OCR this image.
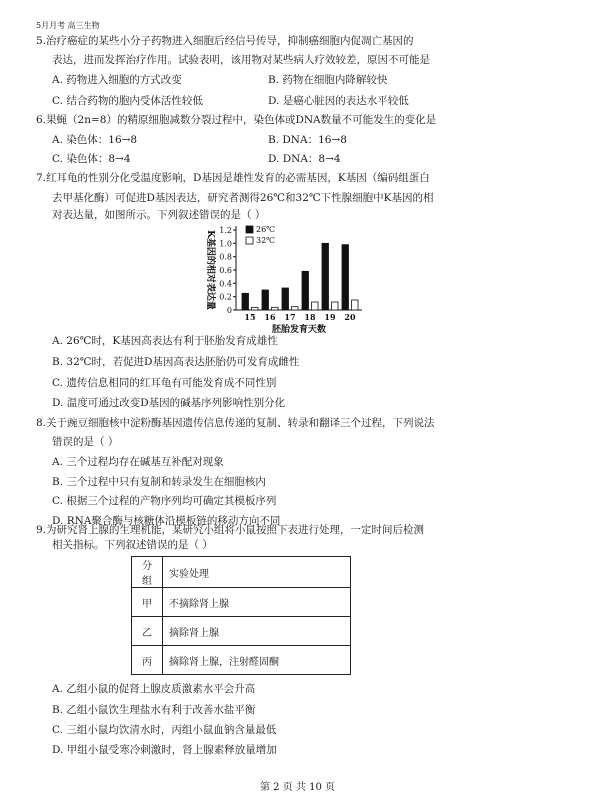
5月月考 高三生物
5.治疗癌症的某些小分子药物进入细胞后经信号传导，抑制癌细胞内促凋亡基因的
表达，进而发挥治疗作用。试验表明，该用物对某些病人疗效较差，原因不可能是
A. 药物进入细胞的方式改变	B. 药物在细胞内降解较快
C. 结合药物的胞内受体活性较低	D. 是癌心脏因的表达水平较低
6.果蝇（2n=8）的精原细胞减数分裂过程中，染色体或DNA数量不可能发生的变化是
A. 染色体：16→8	B. DNA：16→8
C. 染色体：8→4	D. DNA：8→4
7.红耳龟的性别分化受温度影响，D基因是雄性发育的必需基因，K基因（编码组蛋白
去甲基化酶）可促进D基因表达，研究者测得26℃和32℃下性腺细胞中K基因的相
对表达量，如图所示。下列叙述错误的是（ ）
0
0.2
0.4
0.6
0.8
1.0
1.2
K基因的相对表达量
15 16 17 18 19 20
胚胎发育天数
26℃
32℃
A. 26℃时，K基因高表达有利于胚胎发育成雄性
B. 32℃时，若促进D基因高表达胚胎仍可发育成雌性
C. 遗传信息相同的红耳龟有可能发育成不同性别
D. 温度可通过改变D基因的碱基序列影响性别分化
8.关于豌豆细胞核中淀粉酶基因遗传信息传递的复制、转录和翻译三个过程，下列说法
错误的是（ ）
A. 三个过程均存在碱基互补配对现象
B. 三个过程中只有复制和转录发生在细胞核内
C. 根据三个过程的产物序列均可确定其模板序列
D. RNA聚合酶与核糖体沿模板链的移动方向不同
9.为研究肾上腺的生理机能，某研究小组将小鼠按照下表进行处理，一定时间后检测
相关指标。下列叙述错误的是（ ）
分组	实验处理
甲	不摘除肾上腺
乙	摘除肾上腺
丙	摘除肾上腺，注射醛固酮
A. 乙组小鼠的促肾上腺皮质激素水平会升高
B. 乙组小鼠饮生理盐水有利于改善水盐平衡
C. 三组小鼠均饮清水时，丙组小鼠血钠含量最低
D. 甲组小鼠受寒冷刺激时，肾上腺素释放量增加
第 2 页 共 10 页
